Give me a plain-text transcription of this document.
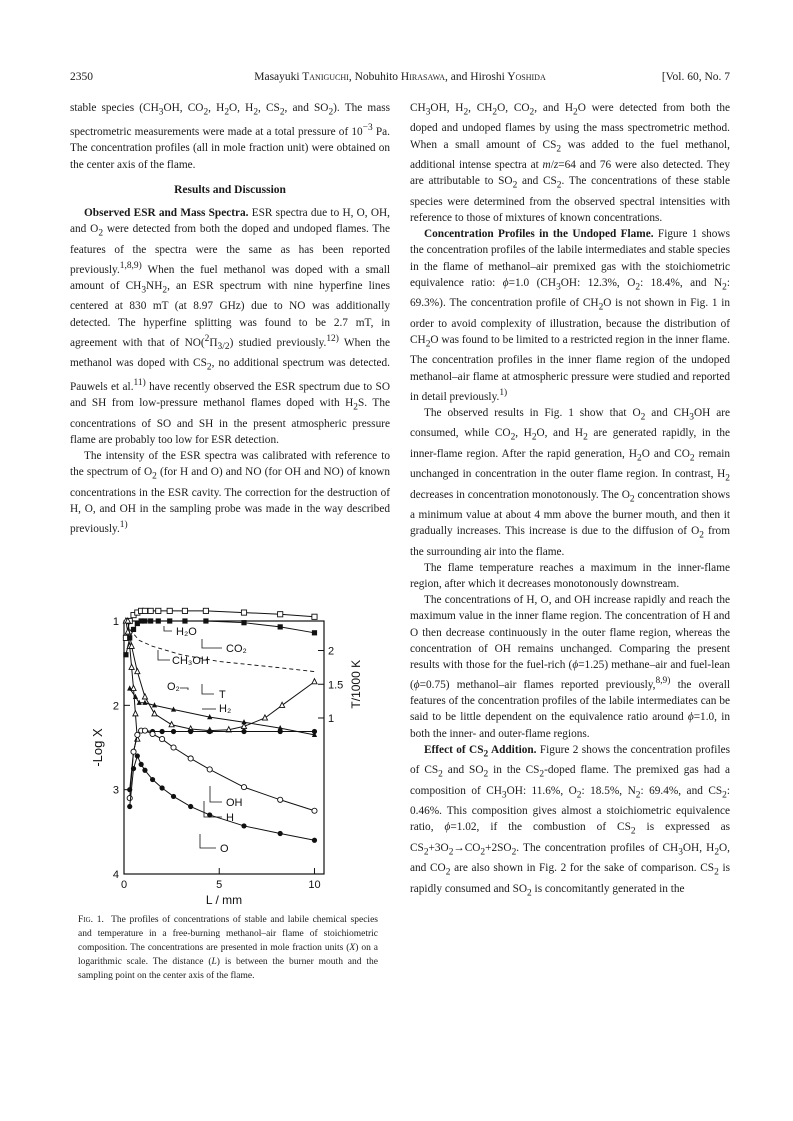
2350	Masayuki Taniguchi, Nobuhito Hirasawa, and Hiroshi Yoshida	[Vol. 60, No. 7

stable species ($CH_3OH$, $CO_2$, $H_2O$, $H_2$, $CS_2$, and $SO_2$). The mass spectrometric measurements were made at a total pressure of $10^{-3}$ Pa. The concentration profiles (all in mole fraction unit) were obtained on the center axis of the flame.

Results and Discussion

Observed ESR and Mass Spectra. ESR spectra due to H, O, OH, and $O_2$ were detected from both the doped and undoped flames. The features of the spectra were the same as has been reported previously.$^{1,8,9)}$ When the fuel methanol was doped with a small amount of $CH_3NH_2$, an ESR spectrum with nine hyperfine lines centered at 830 mT (at 8.97 GHz) due to NO was additionally detected. The hyperfine splitting was found to be 2.7 mT, in agreement with that of $NO(^2\Pi_{3/2})$ studied previously.$^{12)}$ When the methanol was doped with $CS_2$, no additional spectrum was detected. Pauwels et al.$^{11)}$ have recently observed the ESR spectrum due to SO and SH from low-pressure methanol flames doped with $H_2S$. The concentrations of SO and SH in the present atmospheric pressure flame are probably too low for ESR detection.

The intensity of the ESR spectra was calibrated with reference to the spectrum of $O_2$ (for H and O) and NO (for OH and NO) of known concentrations in the ESR cavity. The correction for the destruction of H, O, and OH in the sampling probe was made in the way described previously.$^{1)}$

0	5	10
1
2
3
4
2
1.5
1
L / mm
-Log X
T/1000 K
H₂O
CO₂
CH₃OH
O₂
T
H₂
OH
H
O
Fig. 1. The profiles of concentrations of stable and labile chemical species and temperature in a free-burning methanol–air flame of stoichiometric composition. The concentrations are presented in mole fraction units (X) on a logarithmic scale. The distance (L) is between the burner mouth and the sampling point on the center axis of the flame.

$CH_3OH$, $H_2$, $CH_2O$, $CO_2$, and $H_2O$ were detected from both the doped and undoped flames by using the mass spectrometric method. When a small amount of $CS_2$ was added to the fuel methanol, additional intense spectra at m/z=64 and 76 were also detected. They are attributable to $SO_2$ and $CS_2$. The concentrations of these stable species were determined from the observed spectral intensities with reference to those of mixtures of known concentrations.

Concentration Profiles in the Undoped Flame. Figure 1 shows the concentration profiles of the labile intermediates and stable species in the flame of methanol–air premixed gas with the stoichiometric equivalence ratio: ϕ=1.0 ($CH_3OH$: 12.3%, $O_2$: 18.4%, and $N_2$: 69.3%). The concentration profile of $CH_2O$ is not shown in Fig. 1 in order to avoid complexity of illustration, because the distribution of $CH_2O$ was found to be limited to a restricted region in the inner flame. The concentration profiles in the inner flame region of the undoped methanol–air flame at atmospheric pressure were studied and reported in detail previously.$^{1)}$

The observed results in Fig. 1 show that $O_2$ and $CH_3OH$ are consumed, while $CO_2$, $H_2O$, and $H_2$ are generated rapidly, in the inner-flame region. After the rapid generation, $H_2O$ and $CO_2$ remain unchanged in concentration in the outer flame region. In contrast, $H_2$ decreases in concentration monotonously. The $O_2$ concentration shows a minimum value at about 4 mm above the burner mouth, and then it gradually increases. This increase is due to the diffusion of $O_2$ from the surrounding air into the flame.

The flame temperature reaches a maximum in the inner-flame region, after which it decreases monotonously downstream.

The concentrations of H, O, and OH increase rapidly and reach the maximum value in the inner flame region. The concentration of H and O then decrease continuously in the outer flame region, whereas the concentration of OH remains unchanged. Comparing the present results with those for the fuel-rich (ϕ=1.25) methane–air and fuel-lean (ϕ=0.75) methanol–air flames reported previously,$^{8,9)}$ the overall features of the concentration profiles of the labile intermediates can be said to be little dependent on the equivalence ratio around ϕ=1.0, in both the inner- and outer-flame regions.

Effect of $CS_2$ Addition. Figure 2 shows the concentration profiles of $CS_2$ and $SO_2$ in the $CS_2$-doped flame. The premixed gas had a composition of $CH_3OH$: 11.6%, $O_2$: 18.5%, $N_2$: 69.4%, and $CS_2$: 0.46%. This composition gives almost a stoichiometric equivalence ratio, ϕ=1.02, if the combustion of $CS_2$ is expressed as $CS_2+3O_2\to CO_2+2SO_2$. The concentration profiles of $CH_3OH$, $H_2O$, and $CO_2$ are also shown in Fig. 2 for the sake of comparison. $CS_2$ is rapidly consumed and $SO_2$ is concomitantly generated in the
